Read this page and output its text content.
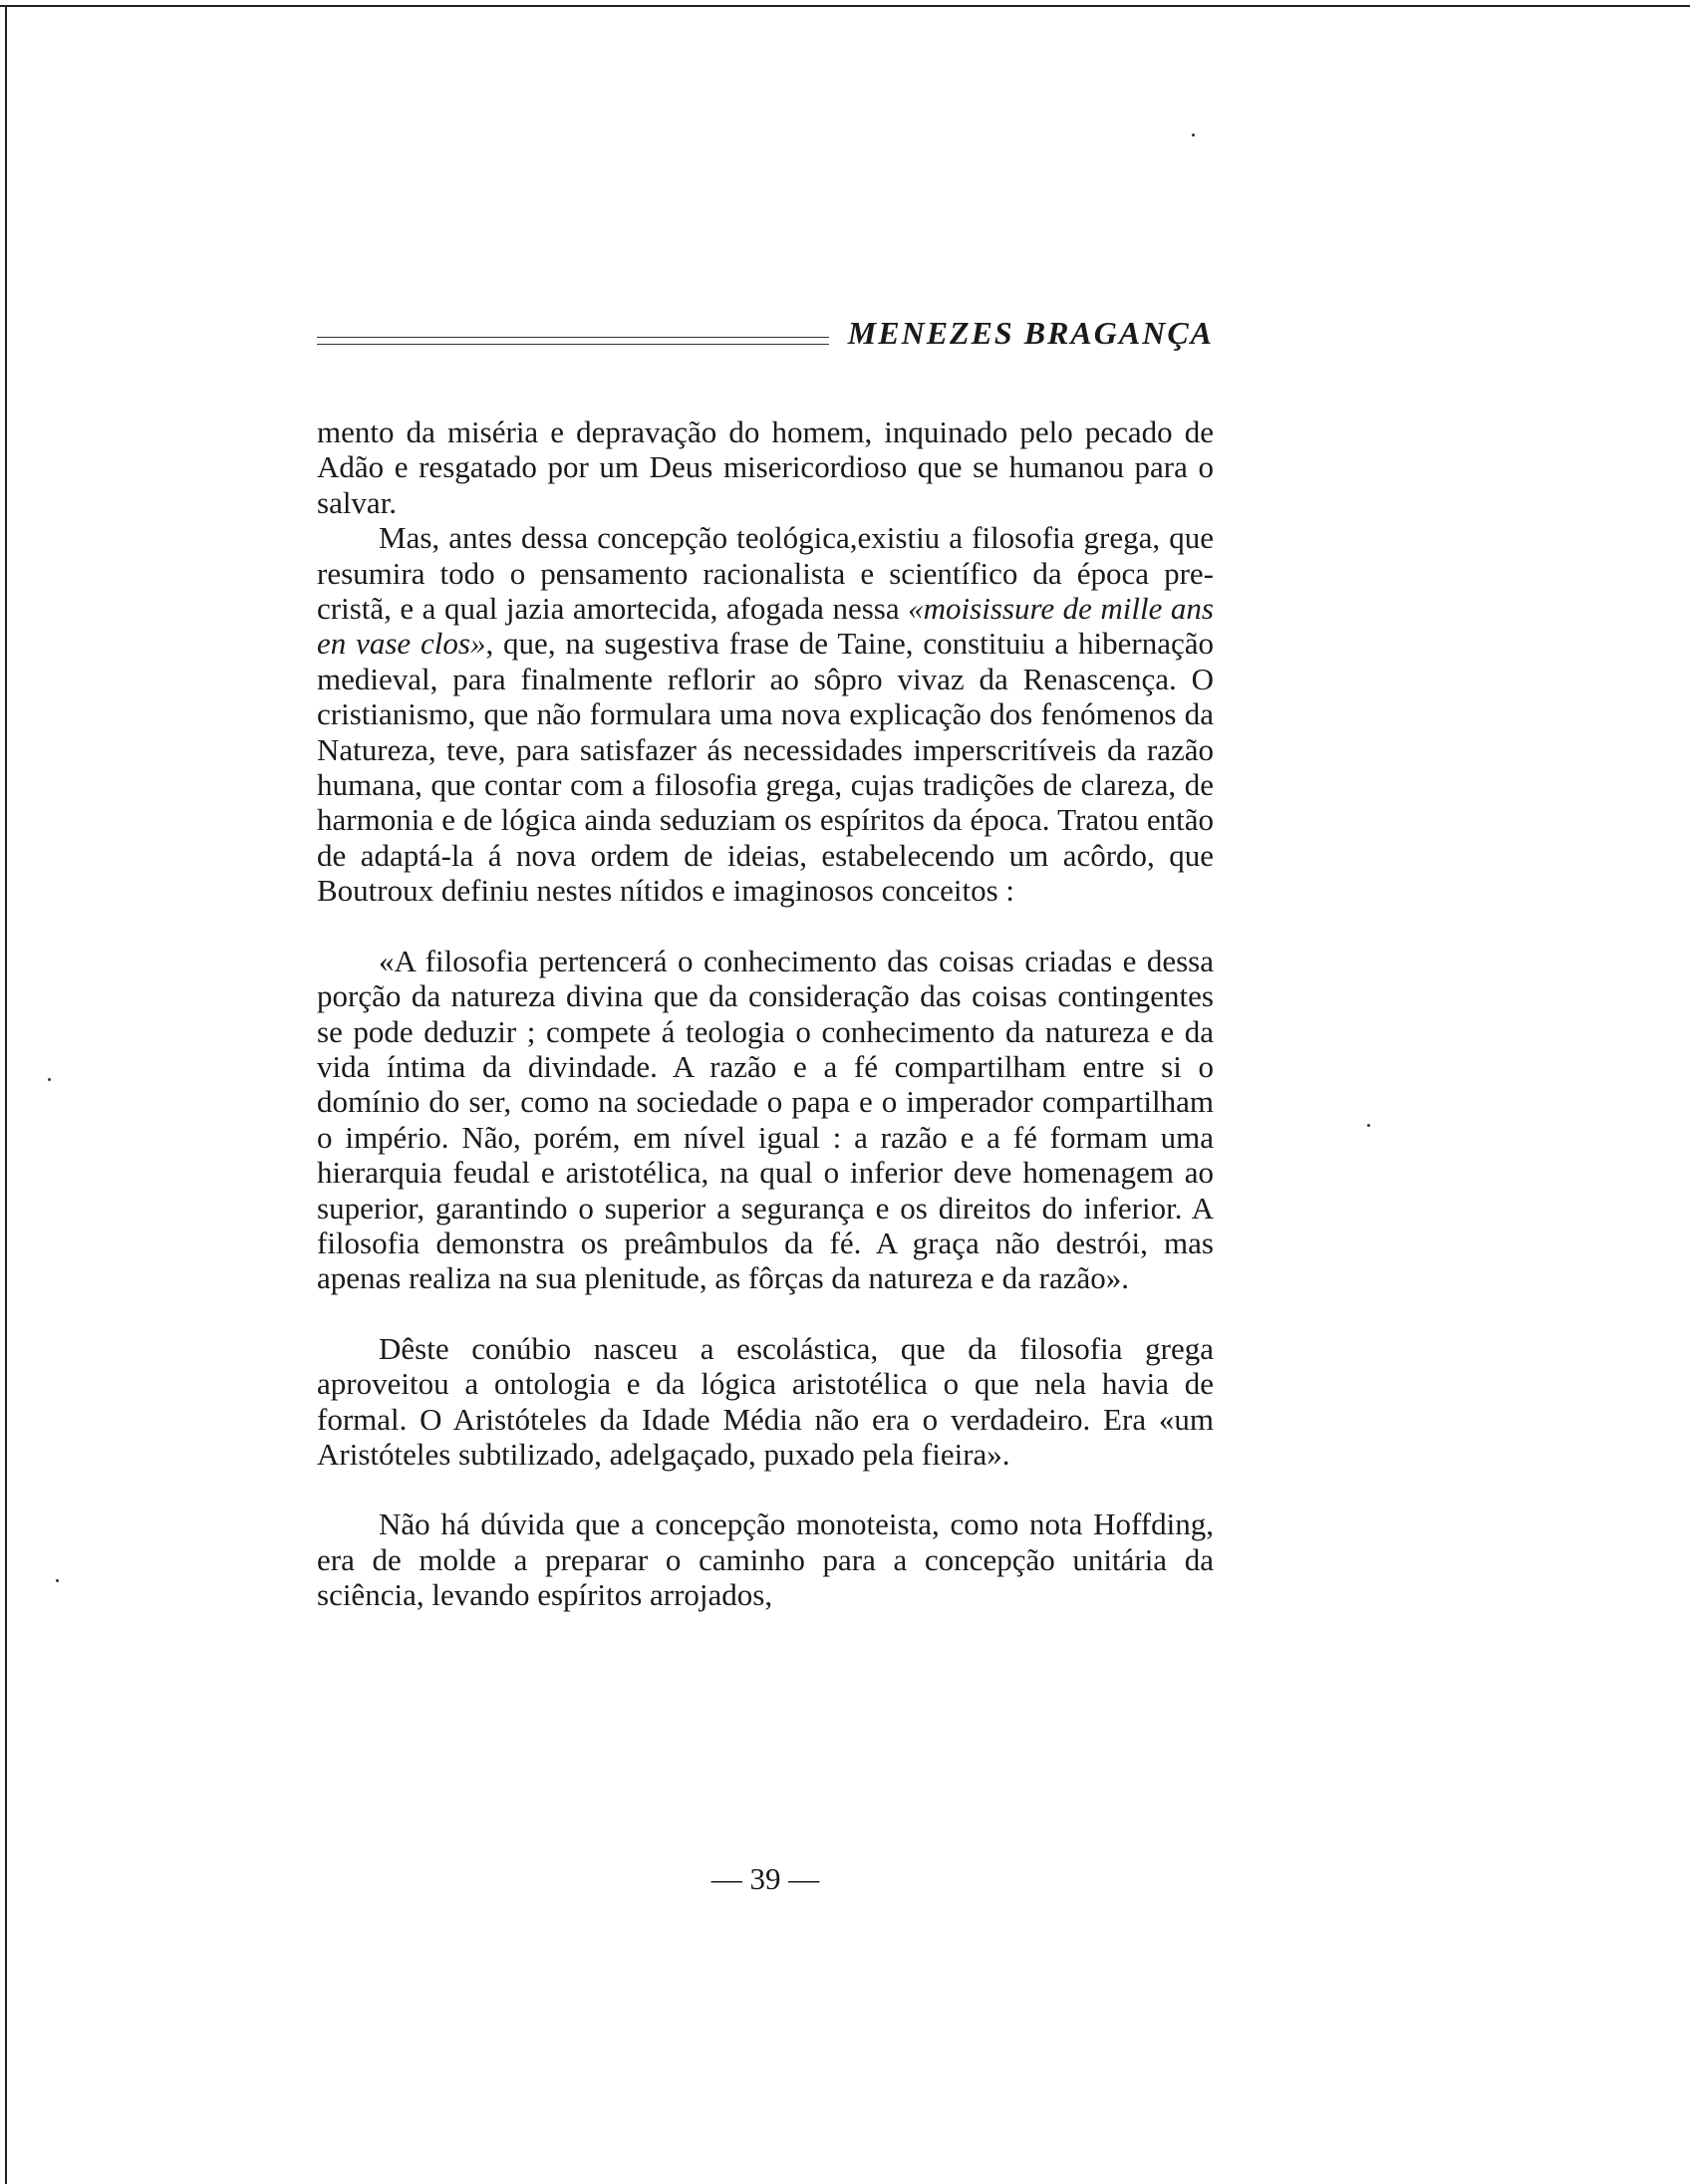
MENEZES BRAGANÇA

mento da miséria e depravação do homem, inquinado pelo pecado de Adão e resgatado por um Deus misericordioso que se humanou para o salvar.

Mas, antes dessa concepção teológica,existiu a filosofia grega, que resumira todo o pensamento racionalista e scientífico da época pre-cristã, e a qual jazia amortecida, afogada nessa «moisissure de mille ans en vase clos», que, na sugestiva frase de Taine, constituiu a hibernação medieval, para finalmente reflorir ao sôpro vivaz da Renascença. O cristianismo, que não formulara uma nova explicação dos fenómenos da Natureza, teve, para satisfazer ás necessidades imperscritíveis da razão humana, que contar com a filosofia grega, cujas tradições de clareza, de harmonia e de lógica ainda seduziam os espíritos da época. Tratou então de adaptá-la á nova ordem de ideias, estabelecendo um acôrdo, que Boutroux definiu nestes nítidos e imaginosos conceitos :

«A filosofia pertencerá o conhecimento das coisas criadas e dessa porção da natureza divina que da consideração das coisas contingentes se pode deduzir ; compete á teologia o conhecimento da natureza e da vida íntima da divindade. A razão e a fé compartilham entre si o domínio do ser, como na sociedade o papa e o imperador compartilham o império. Não, porém, em nível igual : a razão e a fé formam uma hierarquia feudal e aristotélica, na qual o inferior deve homenagem ao superior, garantindo o superior a segurança e os direitos do inferior. A filosofia demonstra os preâmbulos da fé. A graça não destrói, mas apenas realiza na sua plenitude, as fôrças da natureza e da razão».

Dêste conúbio nasceu a escolástica, que da filosofia grega aproveitou a ontologia e da lógica aristotélica o que nela havia de formal. O Aristóteles da Idade Média não era o verdadeiro. Era «um Aristóteles subtilizado, adelgaçado, puxado pela fieira».

Não há dúvida que a concepção monoteista, como nota Hoffding, era de molde a preparar o caminho para a concepção unitária da sciência, levando espíritos arrojados,

— 39 —
